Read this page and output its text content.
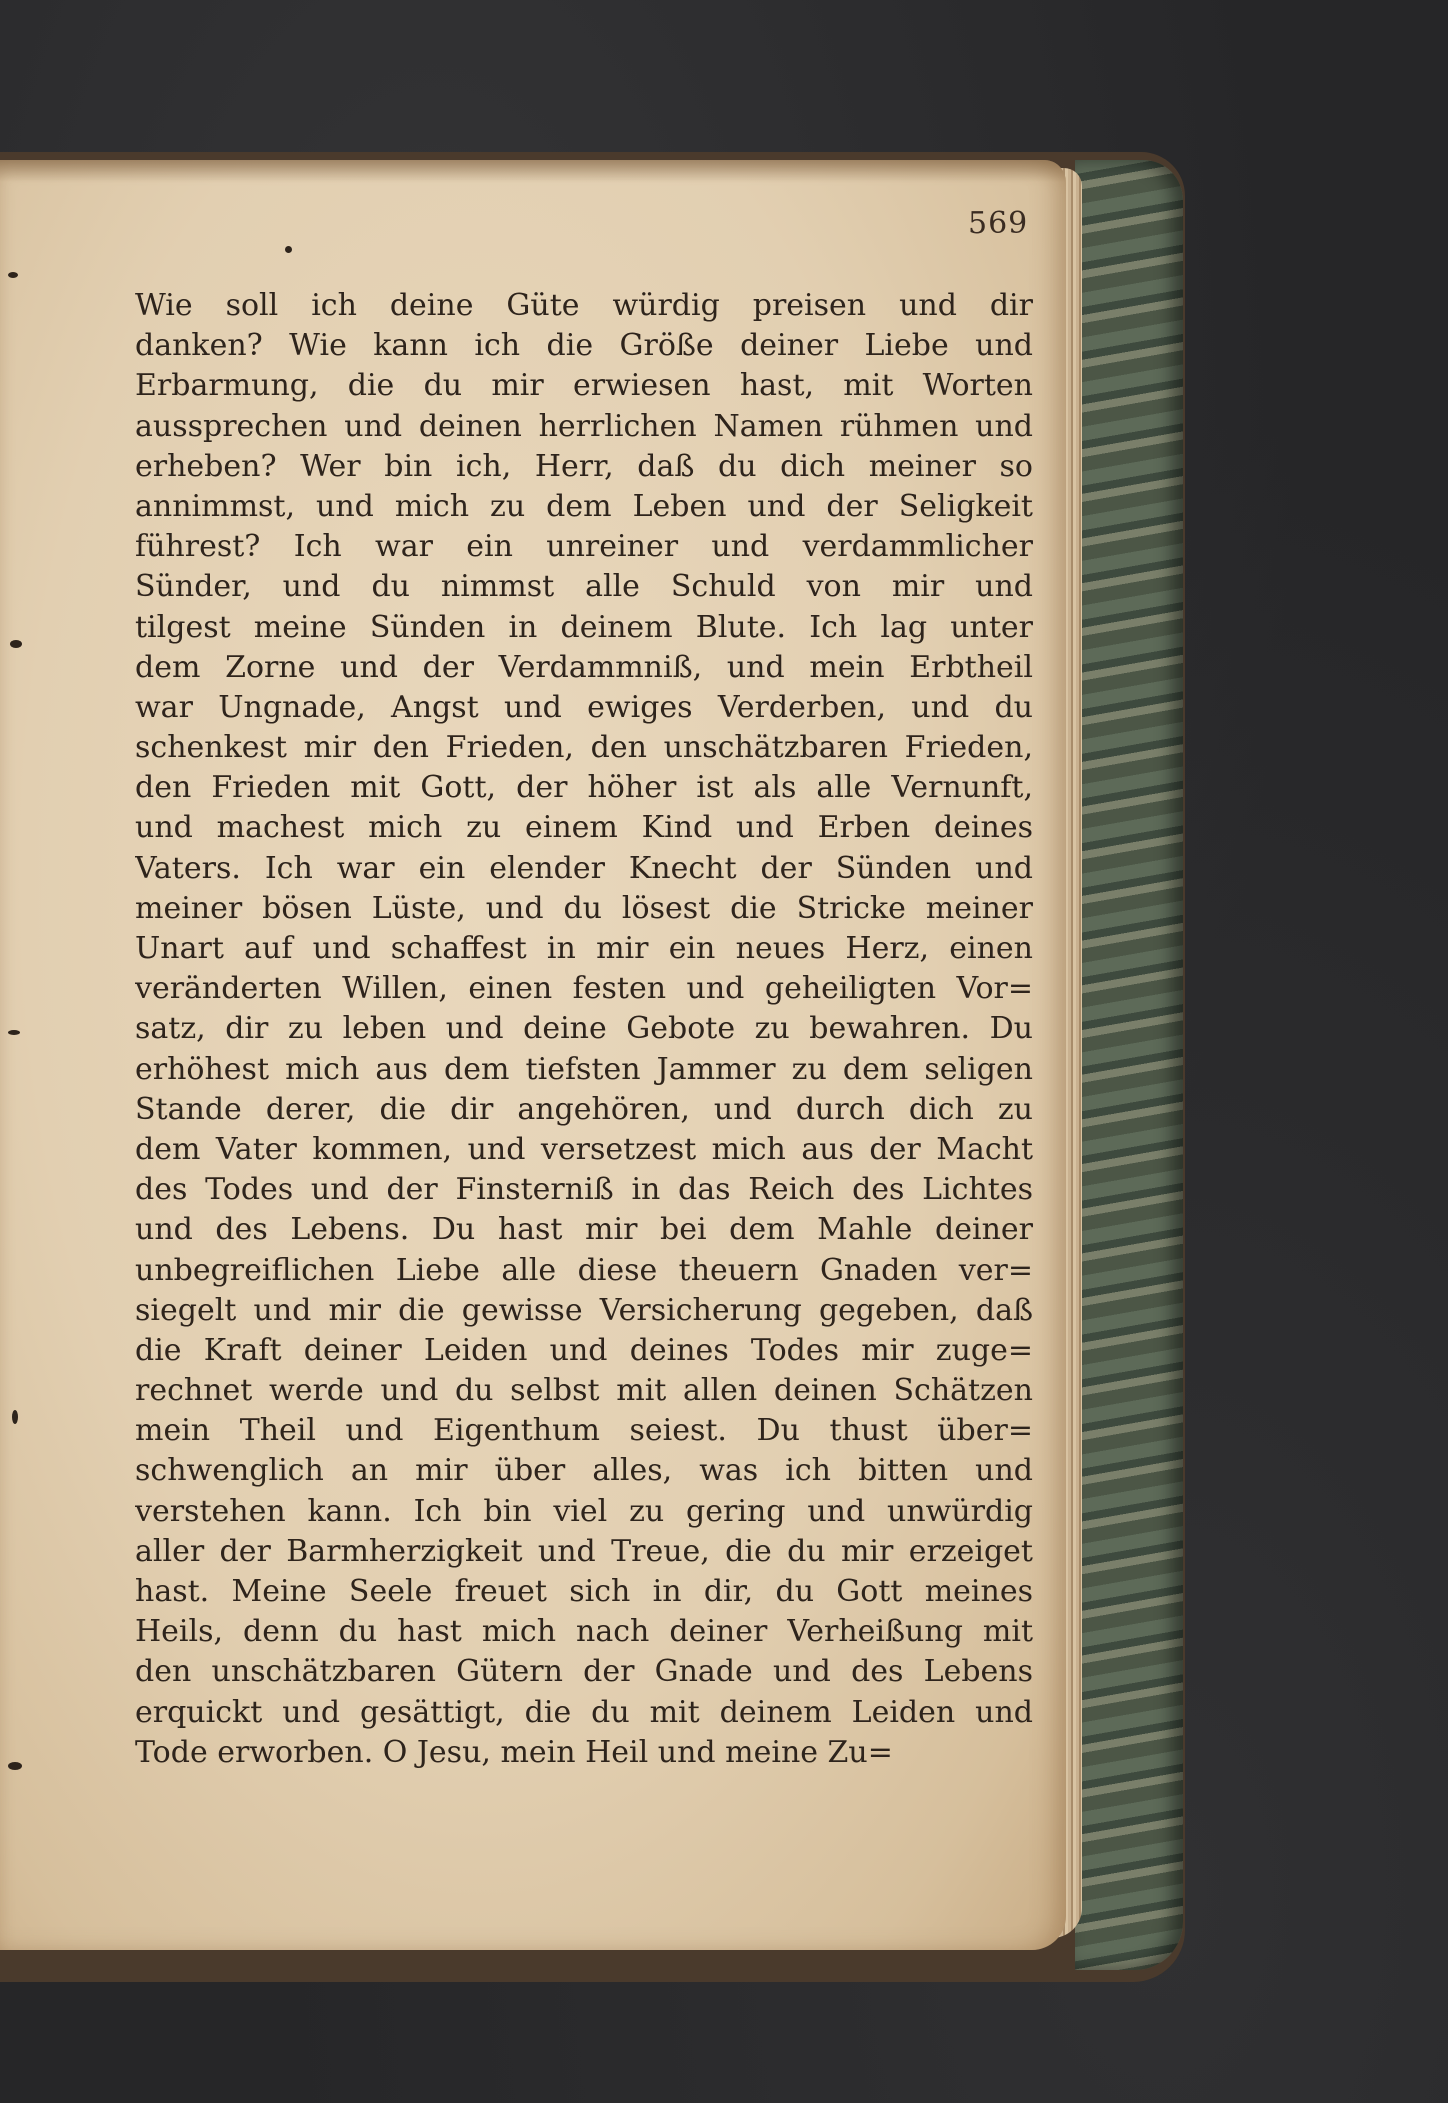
569
Wie soll ich deine Güte würdig preisen und dir
danken? Wie kann ich die Größe deiner Liebe und
Erbarmung, die du mir erwiesen hast, mit Worten
aussprechen und deinen herrlichen Namen rühmen und
erheben? Wer bin ich, Herr, daß du dich meiner so
annimmst, und mich zu dem Leben und der Seligkeit
führest? Ich war ein unreiner und verdammlicher
Sünder, und du nimmst alle Schuld von mir und
tilgest meine Sünden in deinem Blute. Ich lag unter
dem Zorne und der Verdammniß, und mein Erbtheil
war Ungnade, Angst und ewiges Verderben, und du
schenkest mir den Frieden, den unschätzbaren Frieden,
den Frieden mit Gott, der höher ist als alle Vernunft,
und machest mich zu einem Kind und Erben deines
Vaters. Ich war ein elender Knecht der Sünden und
meiner bösen Lüste, und du lösest die Stricke meiner
Unart auf und schaffest in mir ein neues Herz, einen
veränderten Willen, einen festen und geheiligten Vor=
satz, dir zu leben und deine Gebote zu bewahren. Du
erhöhest mich aus dem tiefsten Jammer zu dem seligen
Stande derer, die dir angehören, und durch dich zu
dem Vater kommen, und versetzest mich aus der Macht
des Todes und der Finsterniß in das Reich des Lichtes
und des Lebens. Du hast mir bei dem Mahle deiner
unbegreiflichen Liebe alle diese theuern Gnaden ver=
siegelt und mir die gewisse Versicherung gegeben, daß
die Kraft deiner Leiden und deines Todes mir zuge=
rechnet werde und du selbst mit allen deinen Schätzen
mein Theil und Eigenthum seiest. Du thust über=
schwenglich an mir über alles, was ich bitten und
verstehen kann. Ich bin viel zu gering und unwürdig
aller der Barmherzigkeit und Treue, die du mir erzeiget
hast. Meine Seele freuet sich in dir, du Gott meines
Heils, denn du hast mich nach deiner Verheißung mit
den unschätzbaren Gütern der Gnade und des Lebens
erquickt und gesättigt, die du mit deinem Leiden und
Tode erworben. O Jesu, mein Heil und meine Zu=
